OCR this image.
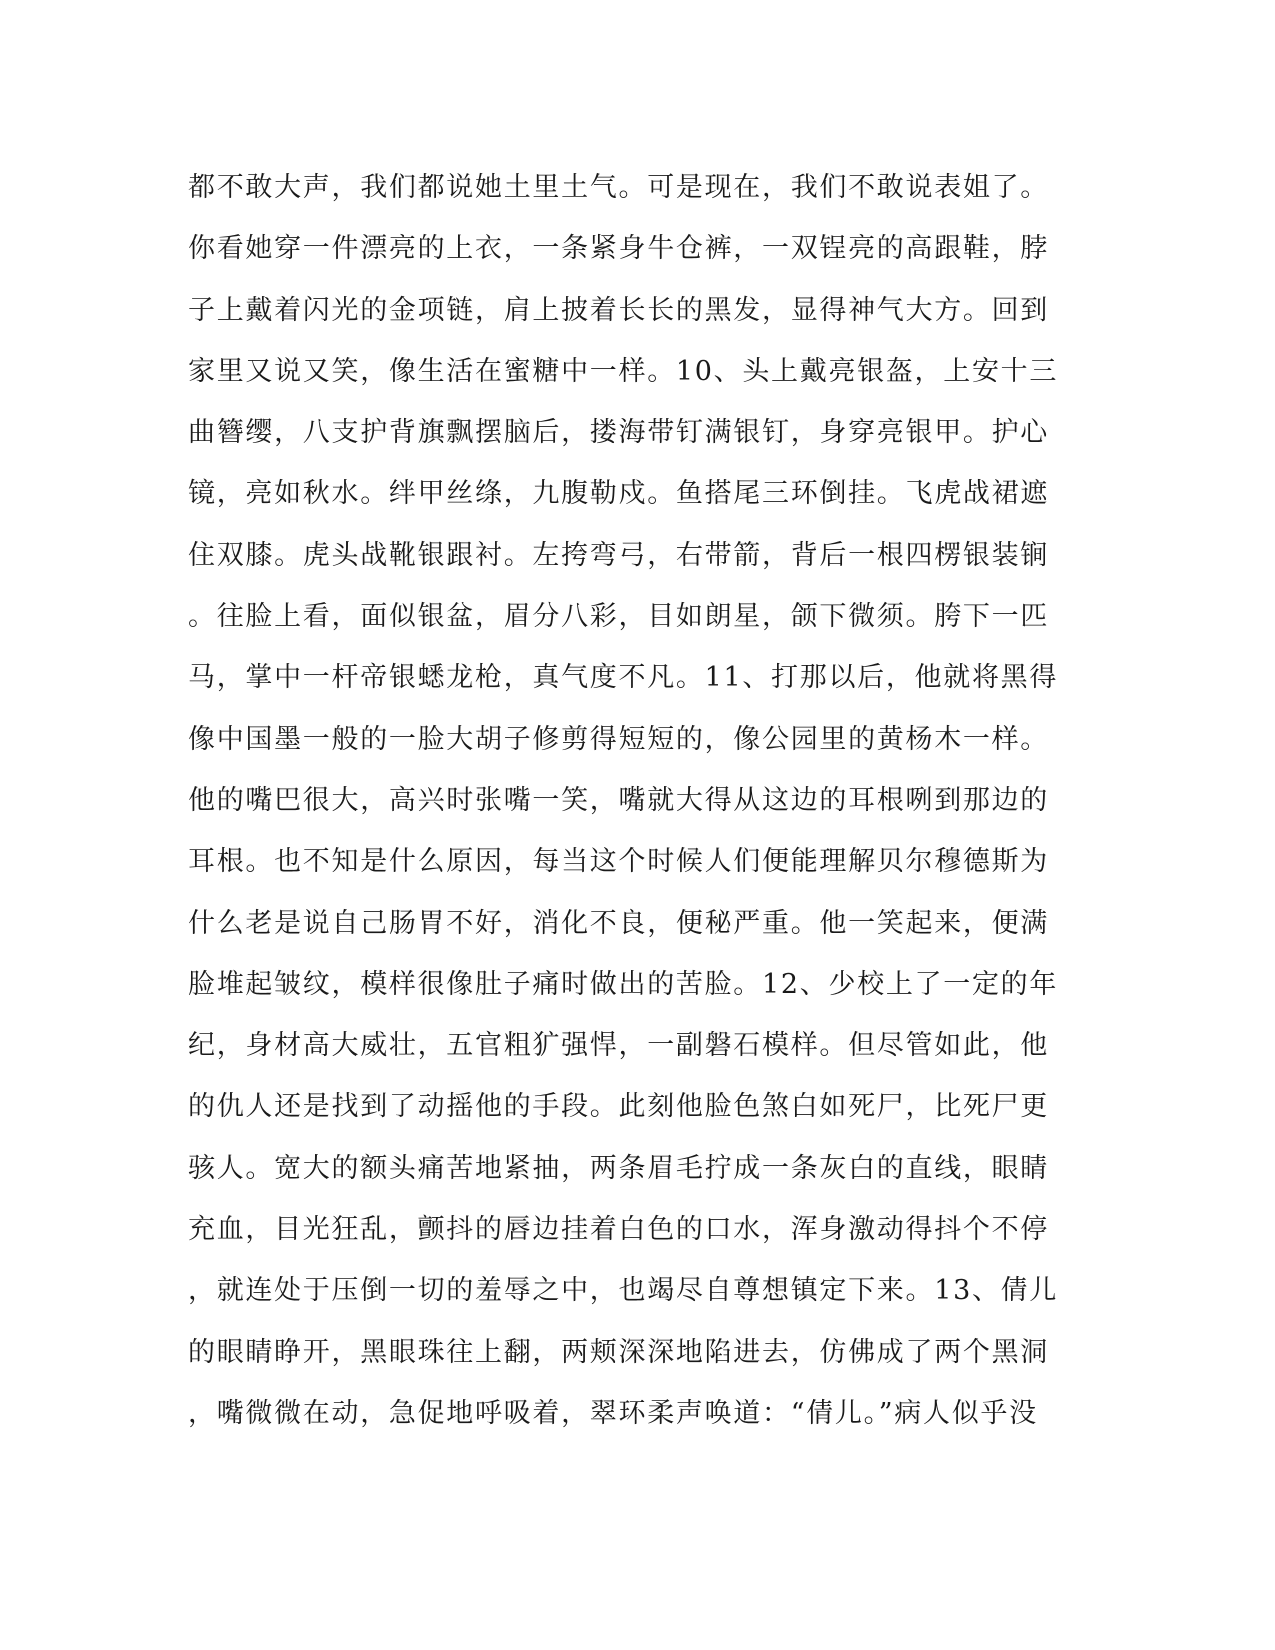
都不敢大声，我们都说她土里土气。可是现在，我们不敢说表姐了。
你看她穿一件漂亮的上衣，一条紧身牛仓裤，一双锃亮的高跟鞋，脖
子上戴着闪光的金项链，肩上披着长长的黑发，显得神气大方。回到
家里又说又笑，像生活在蜜糖中一样。10、头上戴亮银盔，上安十三
曲簪缨，八支护背旗飘摆脑后，搂海带钉满银钉，身穿亮银甲。护心
镜，亮如秋水。绊甲丝绦，九腹勒戍。鱼搭尾三环倒挂。飞虎战裙遮
住双膝。虎头战靴银跟衬。左挎弯弓，右带箭，背后一根四楞银装锏
。往脸上看，面似银盆，眉分八彩，目如朗星，颌下微须。胯下一匹
马，掌中一杆帝银蟋龙枪，真气度不凡。11、打那以后，他就将黑得
像中国墨一般的一脸大胡子修剪得短短的，像公园里的黄杨木一样。
他的嘴巴很大，高兴时张嘴一笑，嘴就大得从这边的耳根咧到那边的
耳根。也不知是什么原因，每当这个时候人们便能理解贝尔穆德斯为
什么老是说自己肠胃不好，消化不良，便秘严重。他一笑起来，便满
脸堆起皱纹，模样很像肚子痛时做出的苦脸。12、少校上了一定的年
纪，身材高大威壮，五官粗犷强悍，一副磐石模样。但尽管如此，他
的仇人还是找到了动摇他的手段。此刻他脸色煞白如死尸，比死尸更
骇人。宽大的额头痛苦地紧抽，两条眉毛拧成一条灰白的直线，眼睛
充血，目光狂乱，颤抖的唇边挂着白色的口水，浑身激动得抖个不停
，就连处于压倒一切的羞辱之中，也竭尽自尊想镇定下来。13、倩儿
的眼睛睁开，黑眼珠往上翻，两颊深深地陷进去，仿佛成了两个黑洞
，嘴微微在动，急促地呼吸着，翠环柔声唤道：“倩儿。”病人似乎没
